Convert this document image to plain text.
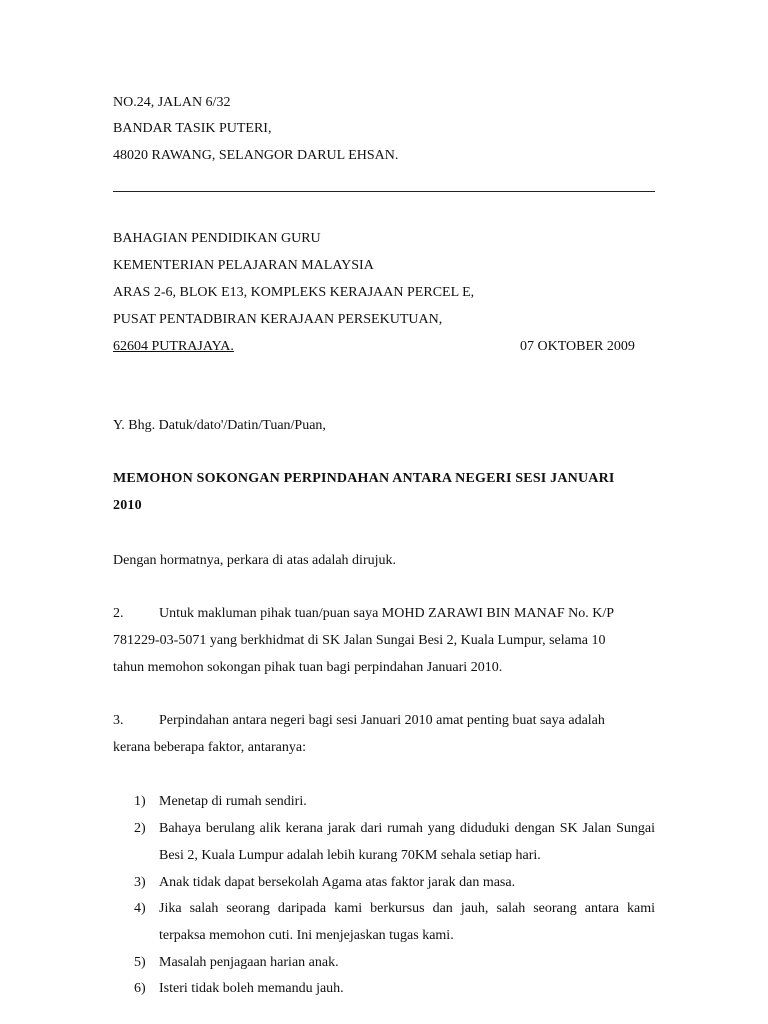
NO.24, JALAN 6/32
BANDAR TASIK PUTERI,
48020 RAWANG, SELANGOR DARUL EHSAN.
BAHAGIAN PENDIDIKAN GURU
KEMENTERIAN PELAJARAN MALAYSIA
ARAS 2-6, BLOK E13, KOMPLEKS KERAJAAN PERCEL E,
PUSAT PENTADBIRAN KERAJAAN PERSEKUTUAN,
62604 PUTRAJAYA.	07 OKTOBER 2009
Y. Bhg. Datuk/dato'/Datin/Tuan/Puan,
MEMOHON SOKONGAN PERPINDAHAN ANTARA NEGERI SESI JANUARI
2010
Dengan hormatnya, perkara di atas adalah dirujuk.
2.	Untuk makluman pihak tuan/puan saya MOHD ZARAWI BIN MANAF No. K/P
781229-03-5071 yang berkhidmat di SK Jalan Sungai Besi 2, Kuala Lumpur, selama 10
tahun memohon sokongan pihak tuan bagi perpindahan Januari 2010.
3.	Perpindahan antara negeri bagi sesi Januari 2010 amat penting buat saya adalah
kerana beberapa faktor, antaranya:
1) Menetap di rumah sendiri.
2) Bahaya berulang alik kerana jarak dari rumah yang diduduki dengan SK Jalan Sungai Besi 2, Kuala Lumpur adalah lebih kurang 70KM sehala setiap hari.
3) Anak tidak dapat bersekolah Agama atas faktor jarak dan masa.
4) Jika salah seorang daripada kami berkursus dan jauh, salah seorang antara kami terpaksa memohon cuti. Ini menjejaskan tugas kami.
5) Masalah penjagaan harian anak.
6) Isteri tidak boleh memandu jauh.
